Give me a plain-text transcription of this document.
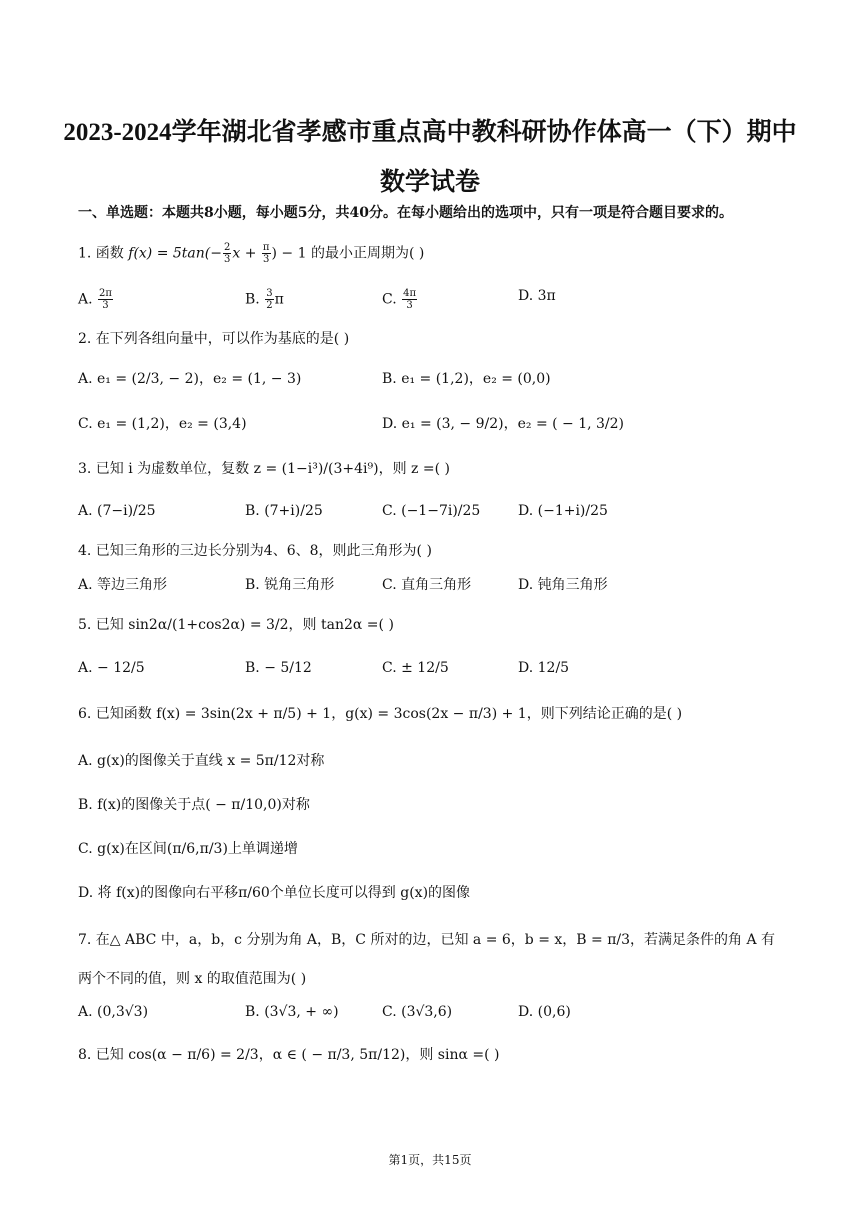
2023-2024学年湖北省孝感市重点高中教科研协作体高一（下）期中数学试卷
一、单选题：本题共8小题，每小题5分，共40分。在每小题给出的选项中，只有一项是符合题目要求的。
1. 函数 $f(x) = 5\tan(- \frac{2}{3}$ $x + \frac{\pi}{3}$ ) − 1 的最小正周期为( )
A. $\frac{2\pi}{3}$	B. $\frac{3}{2}$ π	C. $\frac{4\pi}{3}$	D. 3π
2. 在下列各组向量中，可以作为基底的是( )
A. e₁ = (2/3, − 2)，e₂ = (1, − 3)	B. e₁ = (1,2)，e₂ = (0,0)
C. e₁ = (1,2)，e₂ = (3,4)	D. e₁ = (3, − 9/2)，e₂ = ( − 1, 3/2)
3. 已知 i 为虚数单位，复数 z = (1−i³)/(3+4i⁹)，则 z =( )
A. (7−i)/25	B. (7+i)/25	C. (−1−7i)/25	D. (−1+i)/25
4. 已知三角形的三边长分别为4、6、8，则此三角形为( )
A. 等边三角形	B. 锐角三角形	C. 直角三角形	D. 钝角三角形
5. 已知 sin2α/(1+cos2α) = 3/2，则 tan2α =( )
A. − 12/5	B. − 5/12	C. ± 12/5	D. 12/5
6. 已知函数 f(x) = 3sin(2x + π/5) + 1，g(x) = 3cos(2x − π/3) + 1，则下列结论正确的是( )
A. g(x)的图像关于直线 x = 5π/12对称
B. f(x)的图像关于点( − π/10,0)对称
C. g(x)在区间(π/6,π/3)上单调递增
D. 将 f(x)的图像向右平移π/60个单位长度可以得到 g(x)的图像
7. 在△ ABC 中，a，b，c 分别为角 A，B，C 所对的边，已知 a = 6，b = x，B = π/3，若满足条件的角 A 有
两个不同的值，则 x 的取值范围为( )
A. (0,3√3)	B. (3√3, + ∞)	C. (3√3,6)	D. (0,6)
8. 已知 cos(α − π/6) = 2/3，α ∈ ( − π/3, 5π/12)，则 sinα =( )
第1页，共15页
